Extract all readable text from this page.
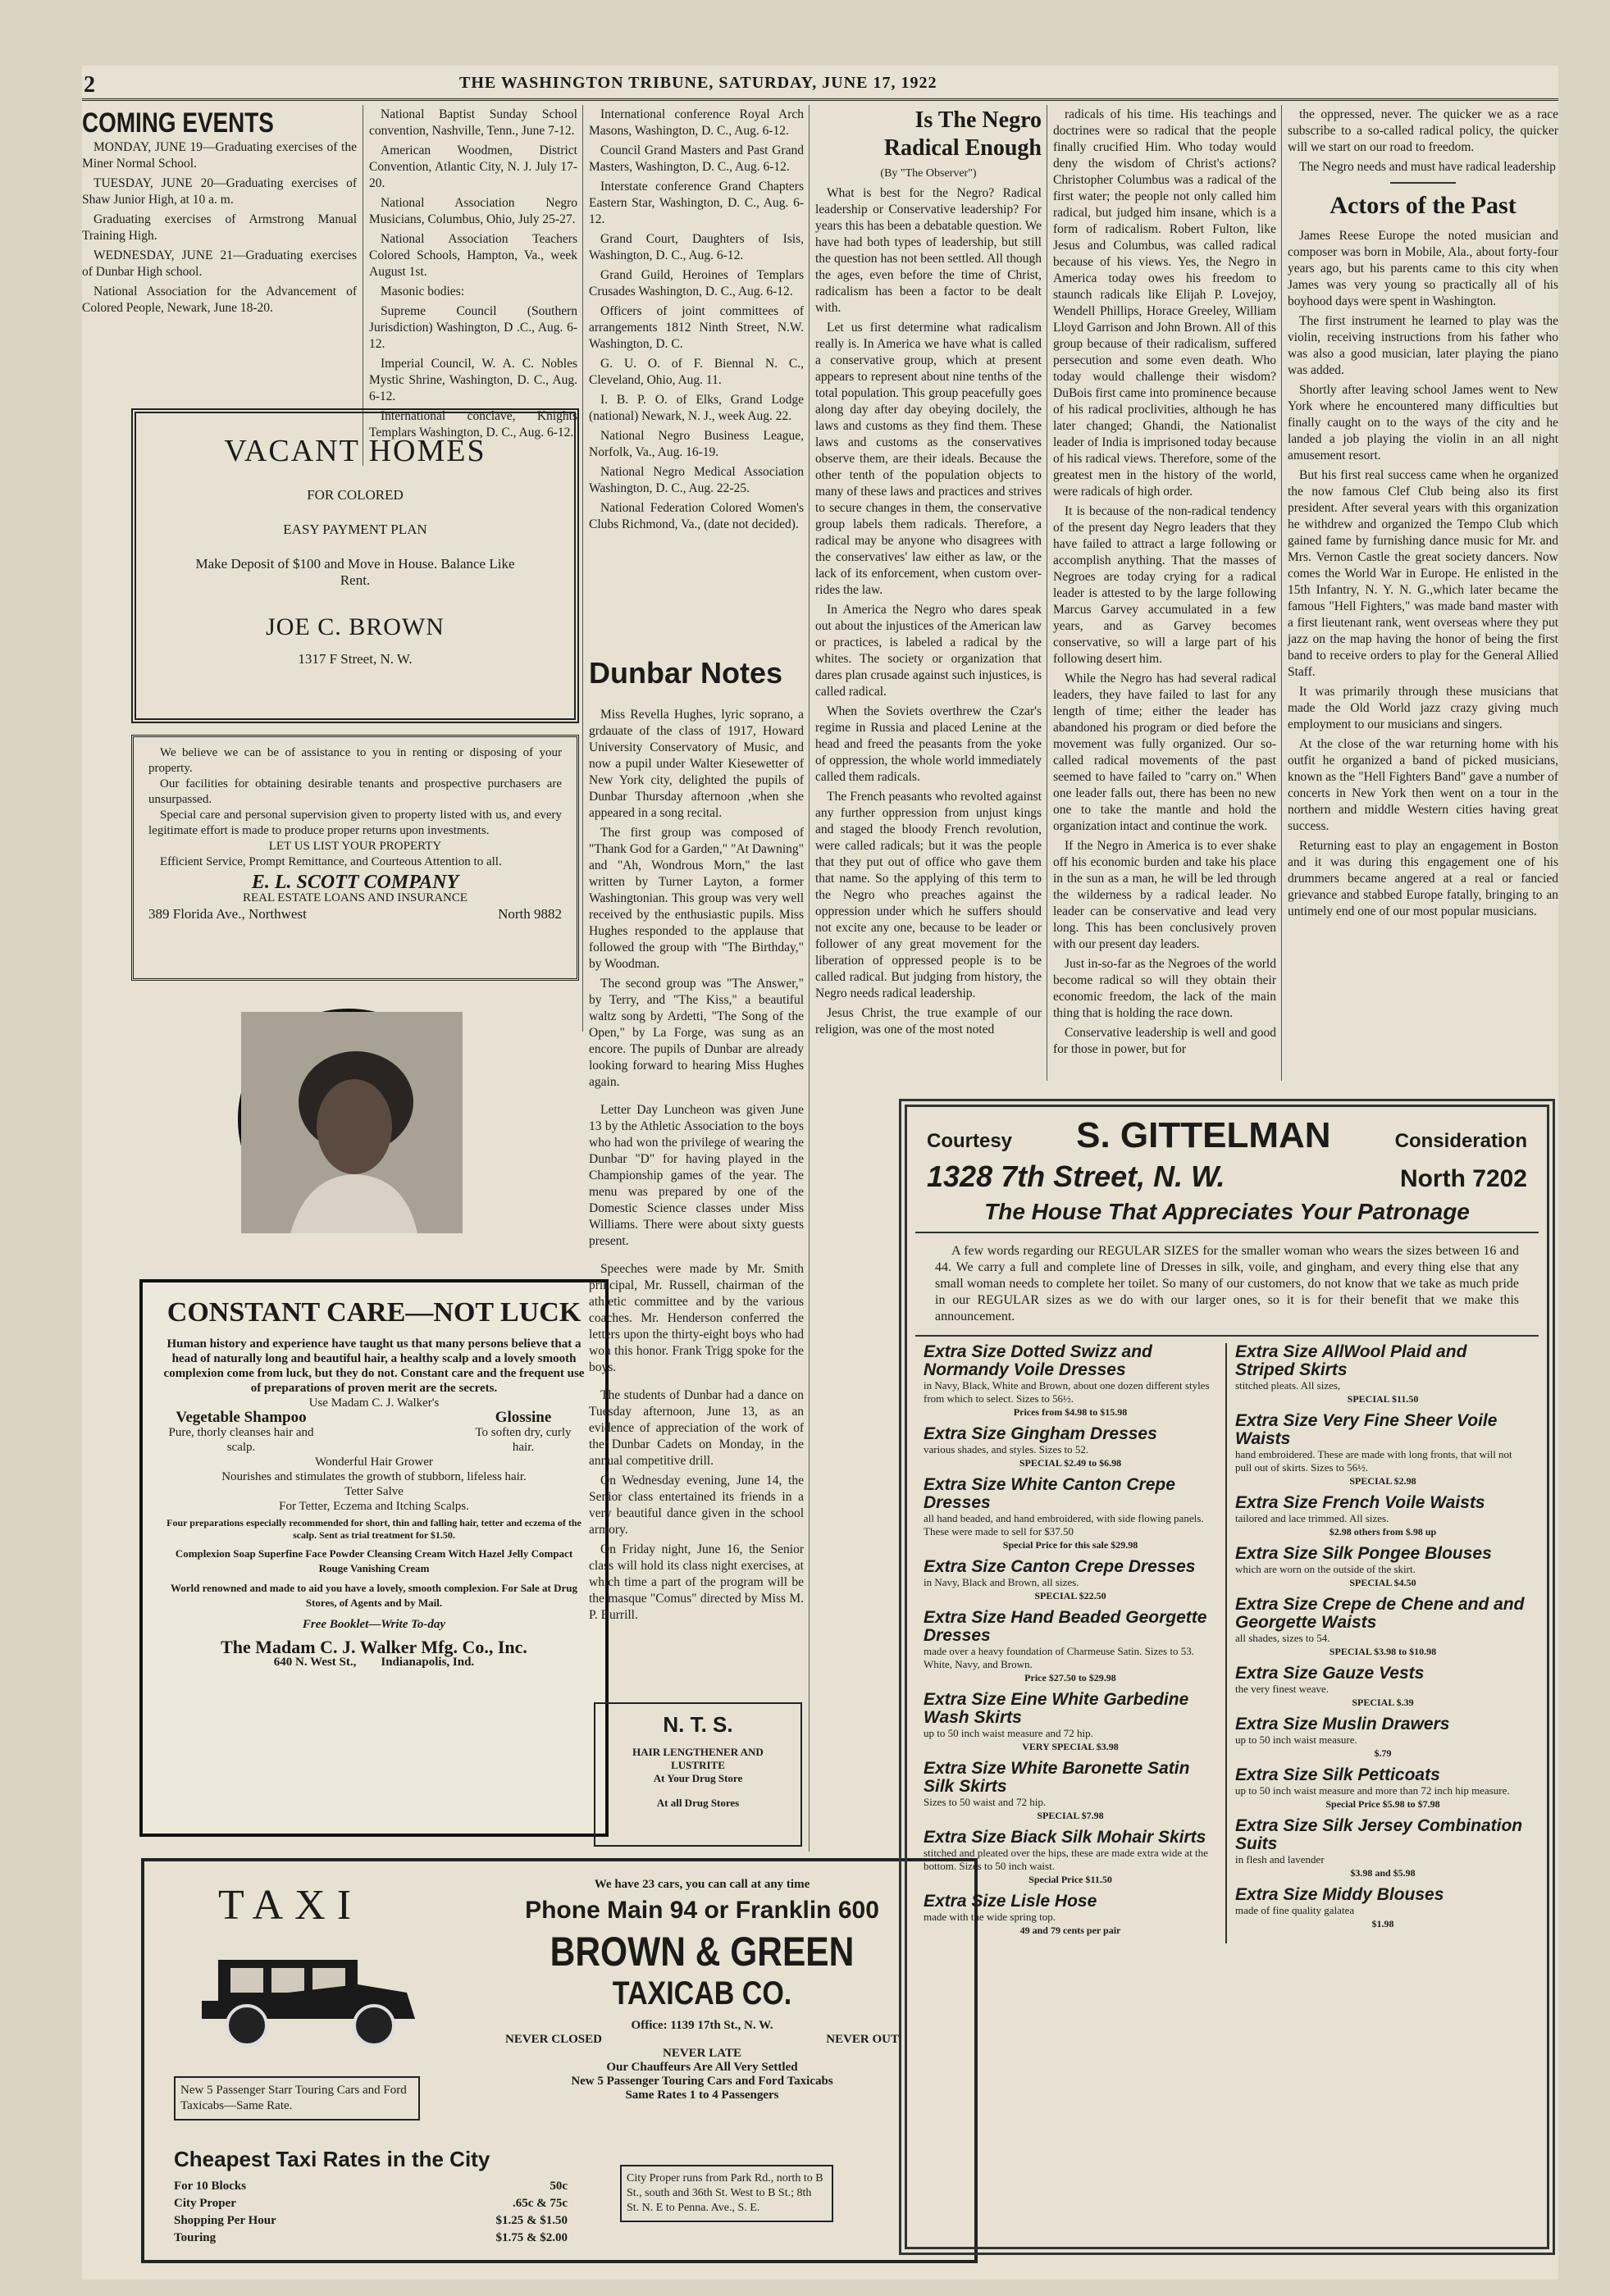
2	THE WASHINGTON TRIBUNE, SATURDAY, JUNE 17, 1922
COMING EVENTS

MONDAY, JUNE 19—Graduating exercises of the Miner Normal School.

TUESDAY, JUNE 20—Graduating exercises of Shaw Junior High, at 10 a. m.

Graduating exercises of Armstrong Manual Training High.

WEDNESDAY, JUNE 21—Graduating exercises of Dunbar High school.

National Association for the Advancement of Colored People, Newark, June 18-20.

National Baptist Sunday School convention, Nashville, Tenn., June 7-12.

American Woodmen, District Convention, Atlantic City, N. J. July 17-20.

National Association Negro Musicians, Columbus, Ohio, July 25-27.

National Association Teachers Colored Schools, Hampton, Va., week August 1st.

Masonic bodies:

Supreme Council (Southern Jurisdiction) Washington, D .C., Aug. 6-12.

Imperial Council, W. A. C. Nobles Mystic Shrine, Washington, D. C., Aug. 6-12.

International conclave, Knights Templars Washington, D. C., Aug. 6-12.

International conference Royal Arch Masons, Washington, D. C., Aug. 6-12.

Council Grand Masters and Past Grand Masters, Washington, D. C., Aug. 6-12.

Interstate conference Grand Chapters Eastern Star, Washington, D. C., Aug. 6-12.

Grand Court, Daughters of Isis, Washington, D. C., Aug. 6-12.

Grand Guild, Heroines of Templars Crusades Washington, D. C., Aug. 6-12.

Officers of joint committees of arrangements 1812 Ninth Street, N.W. Washington, D. C.

G. U. O. of F. Biennal N. C., Cleveland, Ohio, Aug. 11.

I. B. P. O. of Elks, Grand Lodge (national) Newark, N. J., week Aug. 22.

National Negro Business League, Norfolk, Va., Aug. 16-19.

National Negro Medical Association Washington, D. C., Aug. 22-25.

National Federation Colored Women's Clubs Richmond, Va., (date not decided).

VACANT HOMES
FOR COLORED
EASY PAYMENT PLAN
Make Deposit of $100 and Move in House. Balance Like Rent.
JOE C. BROWN
1317 F Street, N. W.

We believe we can be of assistance to you in renting or disposing of your property.

Our facilities for obtaining desirable tenants and prospective purchasers are unsurpassed.

Special care and personal supervision given to property listed with us, and every legitimate effort is made to produce proper returns upon investments.

LET US LIST YOUR PROPERTY

Efficient Service, Prompt Remittance, and Courteous Attention to all.

E. L. SCOTT COMPANY

REAL ESTATE LOANS AND INSURANCE

389 Florida Ave., Northwest	North 9882
CONSTANT CARE—NOT LUCK
Human history and experience have taught us that many persons believe that a head of naturally long and beautiful hair, a healthy scalp and a lovely smooth complexion come from luck, but they do not. Constant care and the frequent use of preparations of proven merit are the secrets.
Use Madam C. J. Walker's
Vegetable Shampoo
Pure, thorly cleanses hair and scalp.
Glossine
To soften dry, curly hair.
Wonderful Hair Grower
Nourishes and stimulates the growth of stubborn, lifeless hair.
Tetter Salve
For Tetter, Eczema and Itching Scalps.
Four preparations especially recommended for short, thin and falling hair, tetter and eczema of the scalp. Sent as trial treatment for $1.50.
Complexion Soap Superfine Face Powder Cleansing Cream Witch Hazel Jelly Compact Rouge Vanishing Cream
World renowned and made to aid you have a lovely, smooth complexion. For Sale at Drug Stores, of Agents and by Mail.
Free Booklet—Write To-day
The Madam C. J. Walker Mfg. Co., Inc.
640 N. West St.,        Indianapolis, Ind.
TAXI
New 5 Passenger Starr Touring Cars and Ford Taxicabs—Same Rate.
We have 23 cars, you can call at any time
Phone Main 94 or Franklin 600
BROWN & GREEN
TAXICAB CO.
Office: 1139 17th St., N. W.
NEVER CLOSED	NEVER OUT
NEVER LATE
Our Chauffeurs Are All Very Settled
New 5 Passenger Touring Cars and Ford Taxicabs
Same Rates 1 to 4 Passengers
Cheapest Taxi Rates in the City
For 10 Blocks	50c
City Proper	.65c & 75c
Shopping Per Hour	$1.25 & $1.50
Touring	$1.75 & $2.00
City Proper runs from Park Rd., north to B St., south and 36th St. West to B St.; 8th St. N. E to Penna. Ave., S. E.
Is The Negro
Radical Enough
(By "The Observer")

What is best for the Negro? Radical leadership or Conservative leadership? For years this has been a debatable question. We have had both types of leadership, but still the question has not been settled. All though the ages, even before the time of Christ, radicalism has been a factor to be dealt with.

Let us first determine what radicalism really is. In America we have what is called a conservative group, which at present appears to represent about nine tenths of the total population. This group peacefully goes along day after day obeying docilely, the laws and customs as they find them. These laws and customs as the conservatives observe them, are their ideals. Because the other tenth of the population objects to many of these laws and practices and strives to secure changes in them, the conservative group labels them radicals. Therefore, a radical may be anyone who disagrees with the conservatives' law either as law, or the lack of its enforcement, when custom over-rides the law.

In America the Negro who dares speak out about the injustices of the American law or practices, is labeled a radical by the whites. The society or organization that dares plan crusade against such injustices, is called radical.

When the Soviets overthrew the Czar's regime in Russia and placed Lenine at the head and freed the peasants from the yoke of oppression, the whole world immediately called them radicals.

The French peasants who revolted against any further oppression from unjust kings and staged the bloody French revolution, were called radicals; but it was the people that they put out of office who gave them that name. So the applying of this term to the Negro who preaches against the oppression under which he suffers should not excite any one, because to be leader or follower of any great movement for the liberation of oppressed people is to be called radical. But judging from history, the Negro needs radical leadership.

Jesus Christ, the true example of our religion, was one of the most noted

radicals of his time. His teachings and doctrines were so radical that the people finally crucified Him. Who today would deny the wisdom of Christ's actions? Christopher Columbus was a radical of the first water; the people not only called him radical, but judged him insane, which is a form of radicalism. Robert Fulton, like Jesus and Columbus, was called radical because of his views. Yes, the Negro in America today owes his freedom to staunch radicals like Elijah P. Lovejoy, Wendell Phillips, Horace Greeley, William Lloyd Garrison and John Brown. All of this group because of their radicalism, suffered persecution and some even death. Who today would challenge their wisdom? DuBois first came into prominence because of his radical proclivities, although he has later changed; Ghandi, the Nationalist leader of India is imprisoned today because of his radical views. Therefore, some of the greatest men in the history of the world, were radicals of high order.

It is because of the non-radical tendency of the present day Negro leaders that they have failed to attract a large following or accomplish anything. That the masses of Negroes are today crying for a radical leader is attested to by the large following Marcus Garvey accumulated in a few years, and as Garvey becomes conservative, so will a large part of his following desert him.

While the Negro has had several radical leaders, they have failed to last for any length of time; either the leader has abandoned his program or died before the movement was fully organized. Our so-called radical movements of the past seemed to have failed to "carry on." When one leader falls out, there has been no new one to take the mantle and hold the organization intact and continue the work.

If the Negro in America is to ever shake off his economic burden and take his place in the sun as a man, he will be led through the wilderness by a radical leader. No leader can be conservative and lead very long. This has been conclusively proven with our present day leaders.

Just in-so-far as the Negroes of the world become radical so will they obtain their economic freedom, the lack of the main thing that is holding the race down.

Conservative leadership is well and good for those in power, but for

the oppressed, never. The quicker we as a race subscribe to a so-called radical policy, the quicker will we start on our road to freedom.

The Negro needs and must have radical leadership

Actors of the Past

James Reese Europe the noted musician and composer was born in Mobile, Ala., about forty-four years ago, but his parents came to this city when James was very young so practically all of his boyhood days were spent in Washington.

The first instrument he learned to play was the violin, receiving instructions from his father who was also a good musician, later playing the piano was added.

Shortly after leaving school James went to New York where he encountered many difficulties but finally caught on to the ways of the city and he landed a job playing the violin in an all night amusement resort.

But his first real success came when he organized the now famous Clef Club being also its first president. After several years with this organization he withdrew and organized the Tempo Club which gained fame by furnishing dance music for Mr. and Mrs. Vernon Castle the great society dancers. Now comes the World War in Europe. He enlisted in the 15th Infantry, N. Y. N. G.,which later became the famous "Hell Fighters," was made band master with a first lieutenant rank, went overseas where they put jazz on the map having the honor of being the first band to receive orders to play for the General Allied Staff.

It was primarily through these musicians that made the Old World jazz crazy giving much employment to our musicians and singers.

At the close of the war returning home with his outfit he organized a band of picked musicians, known as the "Hell Fighters Band" gave a number of concerts in New York then went on a tour in the northern and middle Western cities having great success.

Returning east to play an engagement in Boston and it was during this engagement one of his drummers became angered at a real or fancied grievance and stabbed Europe fatally, bringing to an untimely end one of our most popular musicians.

Dunbar Notes

Miss Revella Hughes, lyric soprano, a grdauate of the class of 1917, Howard University Conservatory of Music, and now a pupil under Walter Kiesewetter of New York city, delighted the pupils of Dunbar Thursday afternoon ,when she appeared in a song recital.

The first group was composed of "Thank God for a Garden," "At Dawning" and "Ah, Wondrous Morn," the last written by Turner Layton, a former Washingtonian. This group was very well received by the enthusiastic pupils. Miss Hughes responded to the applause that followed the group with "The Birthday," by Woodman.

The second group was "The Answer," by Terry, and "The Kiss," a beautiful waltz song by Ardetti, "The Song of the Open," by La Forge, was sung as an encore. The pupils of Dunbar are already looking forward to hearing Miss Hughes again.

Letter Day Luncheon was given June 13 by the Athletic Association to the boys who had won the privilege of wearing the Dunbar "D" for having played in the Championship games of the year. The menu was prepared by one of the Domestic Science classes under Miss Williams. There were about sixty guests present.

Speeches were made by Mr. Smith principal, Mr. Russell, chairman of the athletic committee and by the various coaches. Mr. Henderson conferred the letters upon the thirty-eight boys who had won this honor. Frank Trigg spoke for the boys.

The students of Dunbar had a dance on Tuesday afternoon, June 13, as an evidence of appreciation of the work of the Dunbar Cadets on Monday, in the annual competitive drill.

On Wednesday evening, June 14, the Senior class entertained its friends in a very beautiful dance given in the school armory.

On Friday night, June 16, the Senior class will hold its class night exercises, at which time a part of the program will be the masque "Comus" directed by Miss M. P. Burrill.

N. T. S.
HAIR LENGTHENER AND LUSTRITE
At Your Drug Store
At all Drug Stores
Courtesy S. GITTELMAN	Consideration
1328 7th Street, N. W.	North 7202
The House That Appreciates Your Patronage
A few words regarding our REGULAR SIZES for the smaller woman who wears the sizes between 16 and 44. We carry a full and complete line of Dresses in silk, voile, and gingham, and every thing else that any small woman needs to complete her toilet. So many of our customers, do not know that we take as much pride in our REGULAR sizes as we do with our larger ones, so it is for their benefit that we make this announcement.
Extra Size Dotted Swizz and Normandy Voile Dresses
in Navy, Black, White and Brown, about one dozen different styles from which to select. Sizes to 56½.
Prices from $4.98 to $15.98
Extra Size Gingham Dresses
various shades, and styles. Sizes to 52.
SPECIAL $2.49 to $6.98
Extra Size White Canton Crepe Dresses
all hand beaded, and hand embroidered, with side flowing panels. These were made to sell for $37.50
Special Price for this sale $29.98
Extra Size Canton Crepe Dresses
in Navy, Black and Brown, all sizes.
SPECIAL $22.50
Extra Size Hand Beaded Georgette Dresses
made over a heavy foundation of Charmeuse Satin. Sizes to 53. White, Navy, and Brown.
Price $27.50 to $29.98
Extra Size Eine White Garbedine Wash Skirts
up to 50 inch waist measure and 72 hip.
VERY SPECIAL $3.98
Extra Size White Baronette Satin Silk Skirts
Sizes to 50 waist and 72 hip.
SPECIAL $7.98
Extra Size Biack Silk Mohair Skirts
stitched and pleated over the hips, these are made extra wide at the bottom. Sizes to 50 inch waist.
Special Price $11.50
Extra Size Lisle Hose
made with the wide spring top.
49 and 79 cents per pair
Extra Size AllWool Plaid and Striped Skirts
stitched pleats. All sizes,
SPECIAL $11.50
Extra Size Very Fine Sheer Voile Waists
hand embroidered. These are made with long fronts, that will not pull out of skirts. Sizes to 56½.
SPECIAL $2.98
Extra Size French Voile Waists
tailored and lace trimmed. All sizes.
$2.98 others from $.98 up
Extra Size Silk Pongee Blouses
which are worn on the outside of the skirt.
SPECIAL $4.50
Extra Size Crepe de Chene and and Georgette Waists
all shades, sizes to 54.
SPECIAL $3.98 to $10.98
Extra Size Gauze Vests
the very finest weave.
SPECIAL $.39
Extra Size Muslin Drawers
up to 50 inch waist measure.
$.79
Extra Size Silk Petticoats
up to 50 inch waist measure and more than 72 inch hip measure.
Special Price $5.98 to $7.98
Extra Size Silk Jersey Combination Suits
in flesh and lavender
$3.98 and $5.98
Extra Size Middy Blouses
made of fine quality galatea
$1.98
